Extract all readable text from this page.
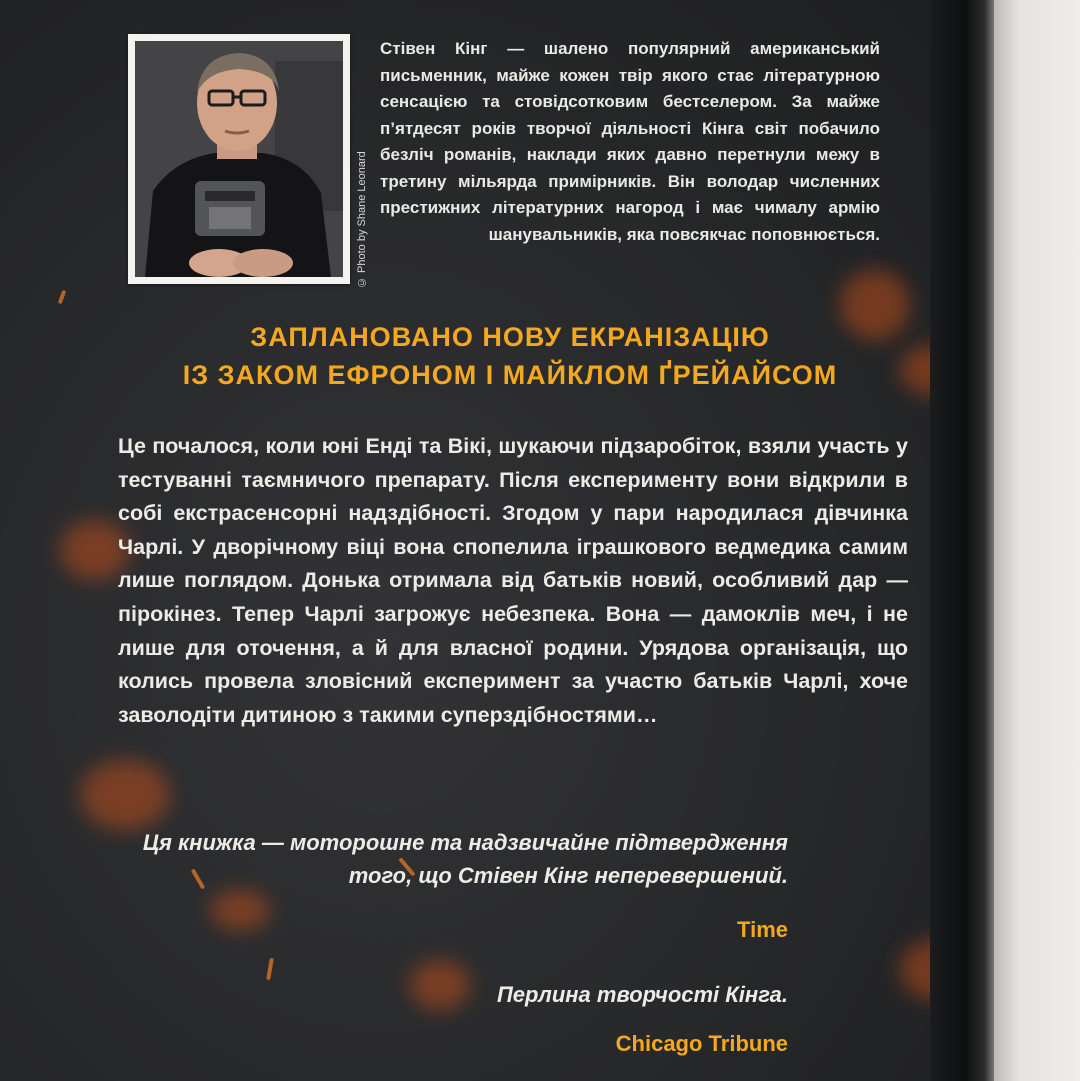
© Photo by Shane Leonard
Стівен Кінг — шалено популярний американський письменник, майже кожен твір якого стає літературною сенсацією та стовідсотковим бестселером. За майже п’ятдесят років творчої діяльності Кінга світ побачило безліч романів, наклади яких давно перетнули межу в третину мільярда примірників. Він володар численних престижних літературних нагород і має чималу армію шанувальників, яка повсякчас поповнюється.
ЗАПЛАНОВАНО НОВУ ЕКРАНІЗАЦІЮ
ІЗ ЗАКОМ ЕФРОНОМ І МАЙКЛОМ ҐРЕЙАЙСОМ
Це почалося, коли юні Енді та Вікі, шукаючи підзаробіток, взяли участь у тестуванні таємничого препарату. Після експерименту вони відкрили в собі екстрасенсорні надздібності. Згодом у пари народилася дівчинка Чарлі. У дворічному віці вона спопелила іграшкового ведмедика самим лише поглядом. Донька отримала від батьків новий, особливий дар — пірокінез. Тепер Чарлі загрожує небезпека. Вона — дамоклів меч, і не лише для оточення, а й для власної родини. Урядова організація, що колись провела зловісний експеримент за участю батьків Чарлі, хоче заволодіти дитиною з такими суперздібностями…
Ця книжка — моторошне та надзвичайне підтвердження
того, що Стівен Кінг неперевершений.
Time
Перлина творчості Кінга.
Chicago Tribune
